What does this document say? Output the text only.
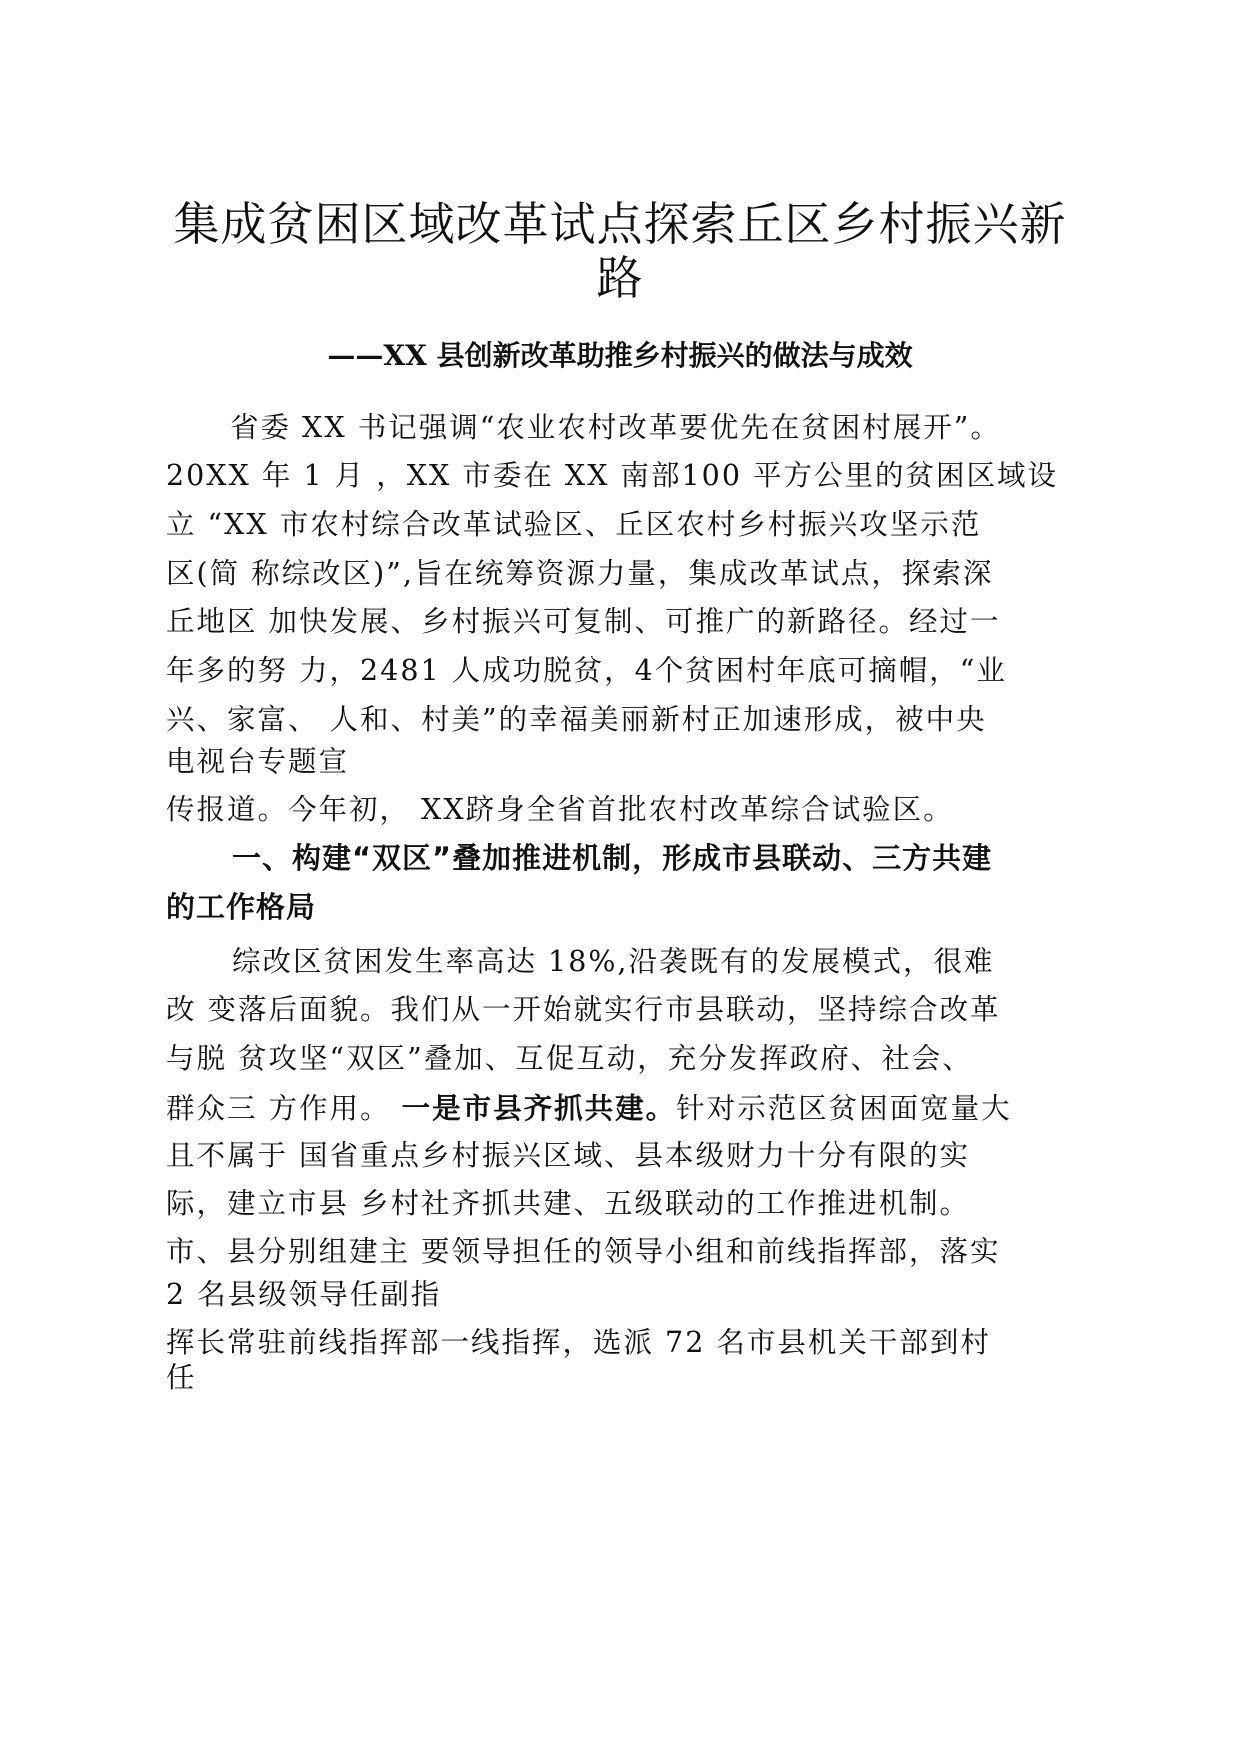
集成贫困区域改革试点探索丘区乡村振兴新
路
——XX 县创新改革助推乡村振兴的做法与成效
省委 XX 书记强调“农业农村改革要优先在贫困村展开”。
20XX 年 1 月 ，XX 市委在 XX 南部100 平方公里的贫困区域设
立 “XX 市农村综合改革试验区、丘区农村乡村振兴攻坚示范
区(简 称综改区)”,旨在统筹资源力量，集成改革试点，探索深
丘地区 加快发展、乡村振兴可复制、可推广的新路径。经过一
年多的努 力，2481 人成功脱贫，4个贫困村年底可摘帽，“业
兴、家富、 人和、村美”的幸福美丽新村正加速形成，被中央
电视台专题宣
传报道。今年初， XX跻身全省首批农村改革综合试验区。
一、构建“双区”叠加推进机制，形成市县联动、三方共建
的工作格局
综改区贫困发生率高达 18%,沿袭既有的发展模式，很难
改 变落后面貌。我们从一开始就实行市县联动，坚持综合改革
与脱 贫攻坚“双区”叠加、互促互动，充分发挥政府、社会、
群众三 方作用。 一是市县齐抓共建。针对示范区贫困面宽量大
且不属于 国省重点乡村振兴区域、县本级财力十分有限的实
际，建立市县 乡村社齐抓共建、五级联动的工作推进机制。
市、县分别组建主 要领导担任的领导小组和前线指挥部，落实
2 名县级领导任副指
挥长常驻前线指挥部一线指挥，选派 72 名市县机关干部到村
任
